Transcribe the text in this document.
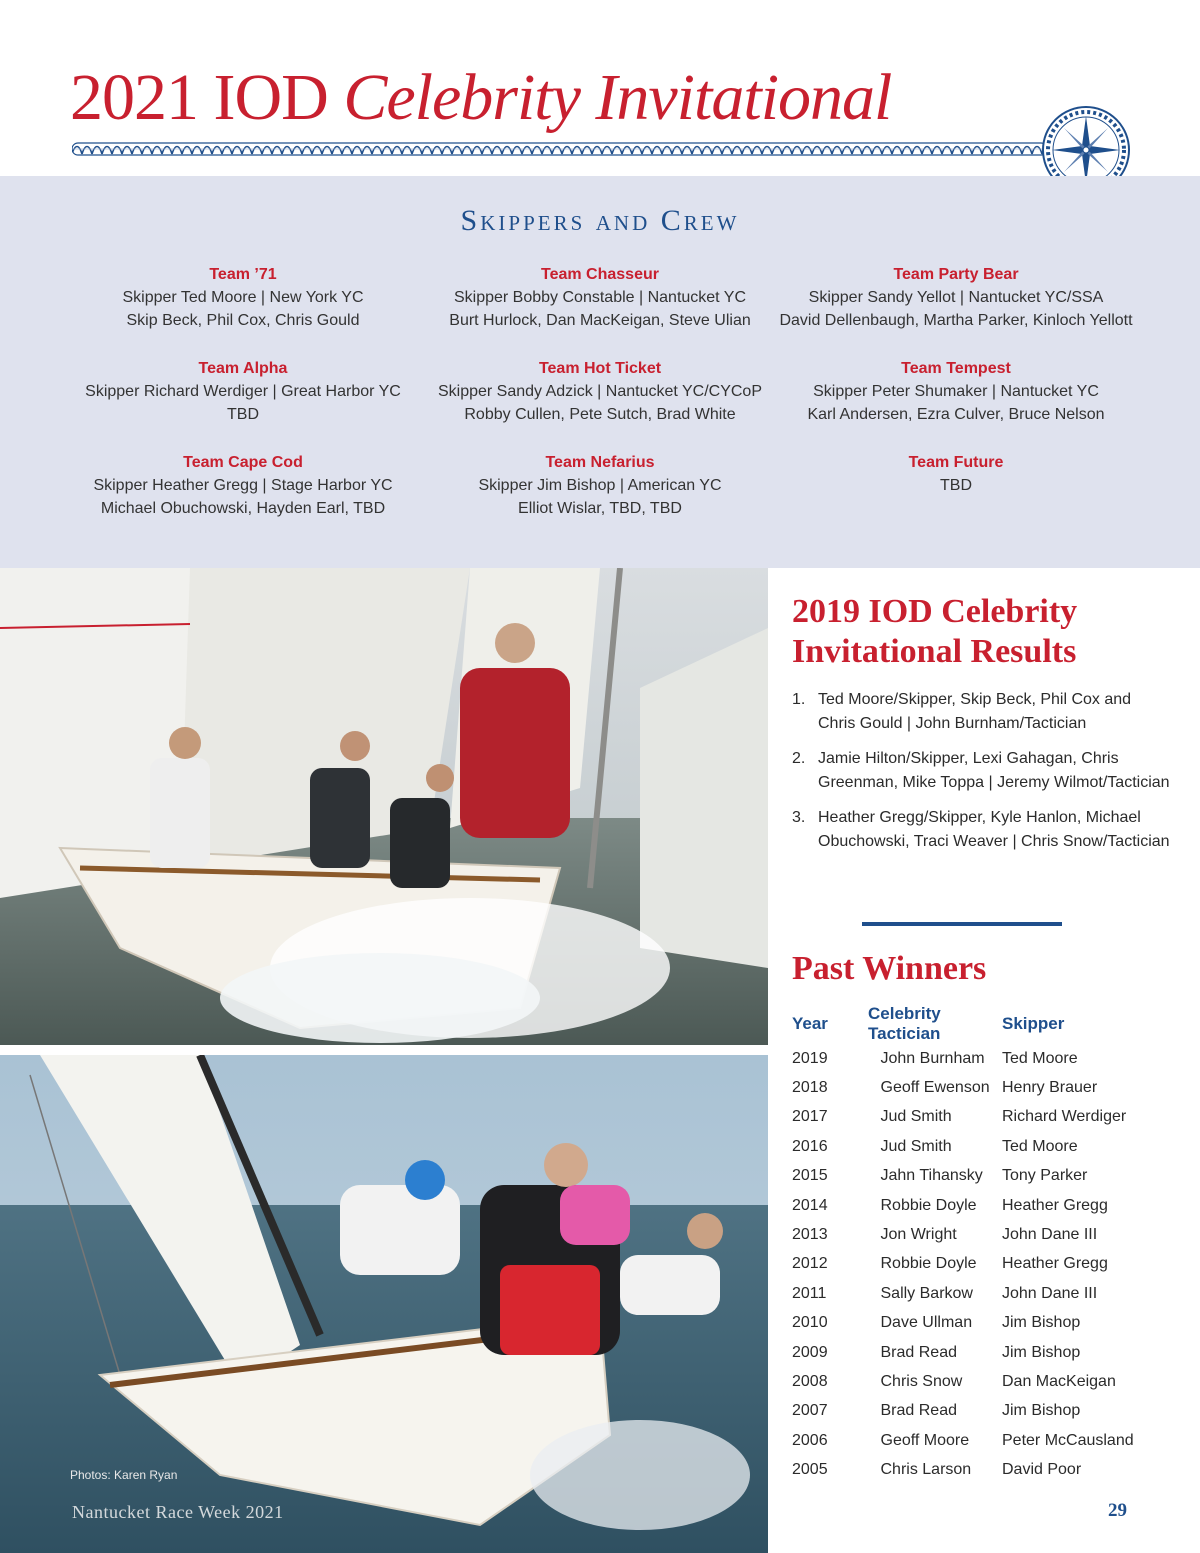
2021 IOD Celebrity Invitational
Skippers and Crew
Team ’71
Skipper Ted Moore | New York YC
Skip Beck, Phil Cox, Chris Gould
Team Chasseur
Skipper Bobby Constable | Nantucket YC
Burt Hurlock, Dan MacKeigan, Steve Ulian
Team Party Bear
Skipper Sandy Yellot | Nantucket YC/SSA
David Dellenbaugh, Martha Parker, Kinloch Yellott
Team Alpha
Skipper Richard Werdiger | Great Harbor YC
TBD
Team Hot Ticket
Skipper Sandy Adzick | Nantucket YC/CYCoP
Robby Cullen, Pete Sutch, Brad White
Team Tempest
Skipper Peter Shumaker | Nantucket YC
Karl Andersen, Ezra Culver, Bruce Nelson
Team Cape Cod
Skipper Heather Gregg | Stage Harbor YC
Michael Obuchowski, Hayden Earl, TBD
Team Nefarius
Skipper Jim Bishop | American YC
Elliot Wislar, TBD, TBD
Team Future
TBD
Photos: Karen Ryan
Nantucket Race Week 2021
2019 IOD Celebrity Invitational Results
1. Ted Moore/Skipper, Skip Beck, Phil Cox and Chris Gould | John Burnham/Tactician
2. Jamie Hilton/Skipper, Lexi Gahagan, Chris Greenman, Mike Toppa | Jeremy Wilmot/Tactician
3. Heather Gregg/Skipper, Kyle Hanlon, Michael Obuchowski, Traci Weaver | Chris Snow/Tactician
Past Winners
Year	Celebrity Tactician	Skipper
2019	John Burnham	Ted Moore
2018	Geoff Ewenson	Henry Brauer
2017	Jud Smith	Richard Werdiger
2016	Jud Smith	Ted Moore
2015	Jahn Tihansky	Tony Parker
2014	Robbie Doyle	Heather Gregg
2013	Jon Wright	John Dane III
2012	Robbie Doyle	Heather Gregg
2011	Sally Barkow	John Dane III
2010	Dave Ullman	Jim Bishop
2009	Brad Read	Jim Bishop
2008	Chris Snow	Dan MacKeigan
2007	Brad Read	Jim Bishop
2006	Geoff Moore	Peter McCausland
2005	Chris Larson	David Poor
29
